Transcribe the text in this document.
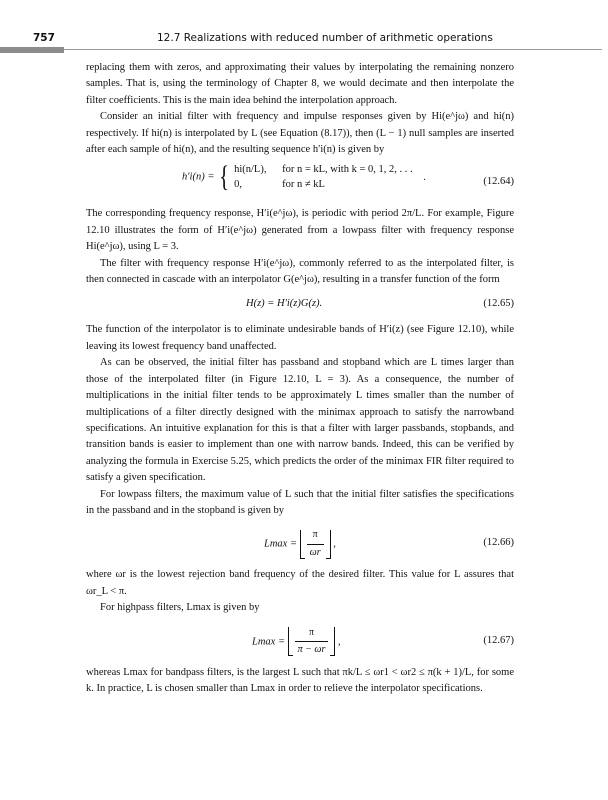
757	12.7 Realizations with reduced number of arithmetic operations

replacing them with zeros, and approximating their values by interpolating the remaining nonzero samples. That is, using the terminology of Chapter 8, we would decimate and then interpolate the filter coefficients. This is the main idea behind the interpolation approach.

Consider an initial filter with frequency and impulse responses given by Hi(e^jω) and hi(n) respectively. If hi(n) is interpolated by L (see Equation (8.17)), then (L − 1) null samples are inserted after each sample of hi(n), and the resulting sequence h′i(n) is given by

h′i(n) = { hi(n/L), for n = kL, with k = 0, 1, 2, . . .
0,	for n ≠ kL .	(12.64)

The corresponding frequency response, H′i(e^jω), is periodic with period 2π/L. For example, Figure 12.10 illustrates the form of H′i(e^jω) generated from a lowpass filter with frequency response Hi(e^jω), using L = 3.

The filter with frequency response H′i(e^jω), commonly referred to as the interpolated filter, is then connected in cascade with an interpolator G(e^jω), resulting in a transfer function of the form

H(z) = H′i(z)G(z).	(12.65)

The function of the interpolator is to eliminate undesirable bands of H′i(z) (see Figure 12.10), while leaving its lowest frequency band unaffected.

As can be observed, the initial filter has passband and stopband which are L times larger than those of the interpolated filter (in Figure 12.10, L = 3). As a consequence, the number of multiplications in the initial filter tends to be approximately L times smaller than the number of multiplications of a filter directly designed with the minimax approach to satisfy the narrowband specifications. An intuitive explanation for this is that a filter with larger passbands, stopbands, and transition bands is easier to implement than one with narrow bands. Indeed, this can be verified by analyzing the formula in Exercise 5.25, which predicts the order of the minimax FIR filter required to satisfy a given specification.

For lowpass filters, the maximum value of L such that the initial filter satisfies the specifications in the passband and in the stopband is given by

$Lmax = \frac{\pi}{\omega r}$ ,	(12.66)

where ωr is the lowest rejection band frequency of the desired filter. This value for L assures that ωr_L < π.

For highpass filters, Lmax is given by

$Lmax = \frac{\pi}{\pi - \omega r}$ ,	(12.67)

whereas Lmax for bandpass filters, is the largest L such that πk/L ≤ ωr1 < ωr2 ≤ π(k + 1)/L, for some k. In practice, L is chosen smaller than Lmax in order to relieve the interpolator specifications.
